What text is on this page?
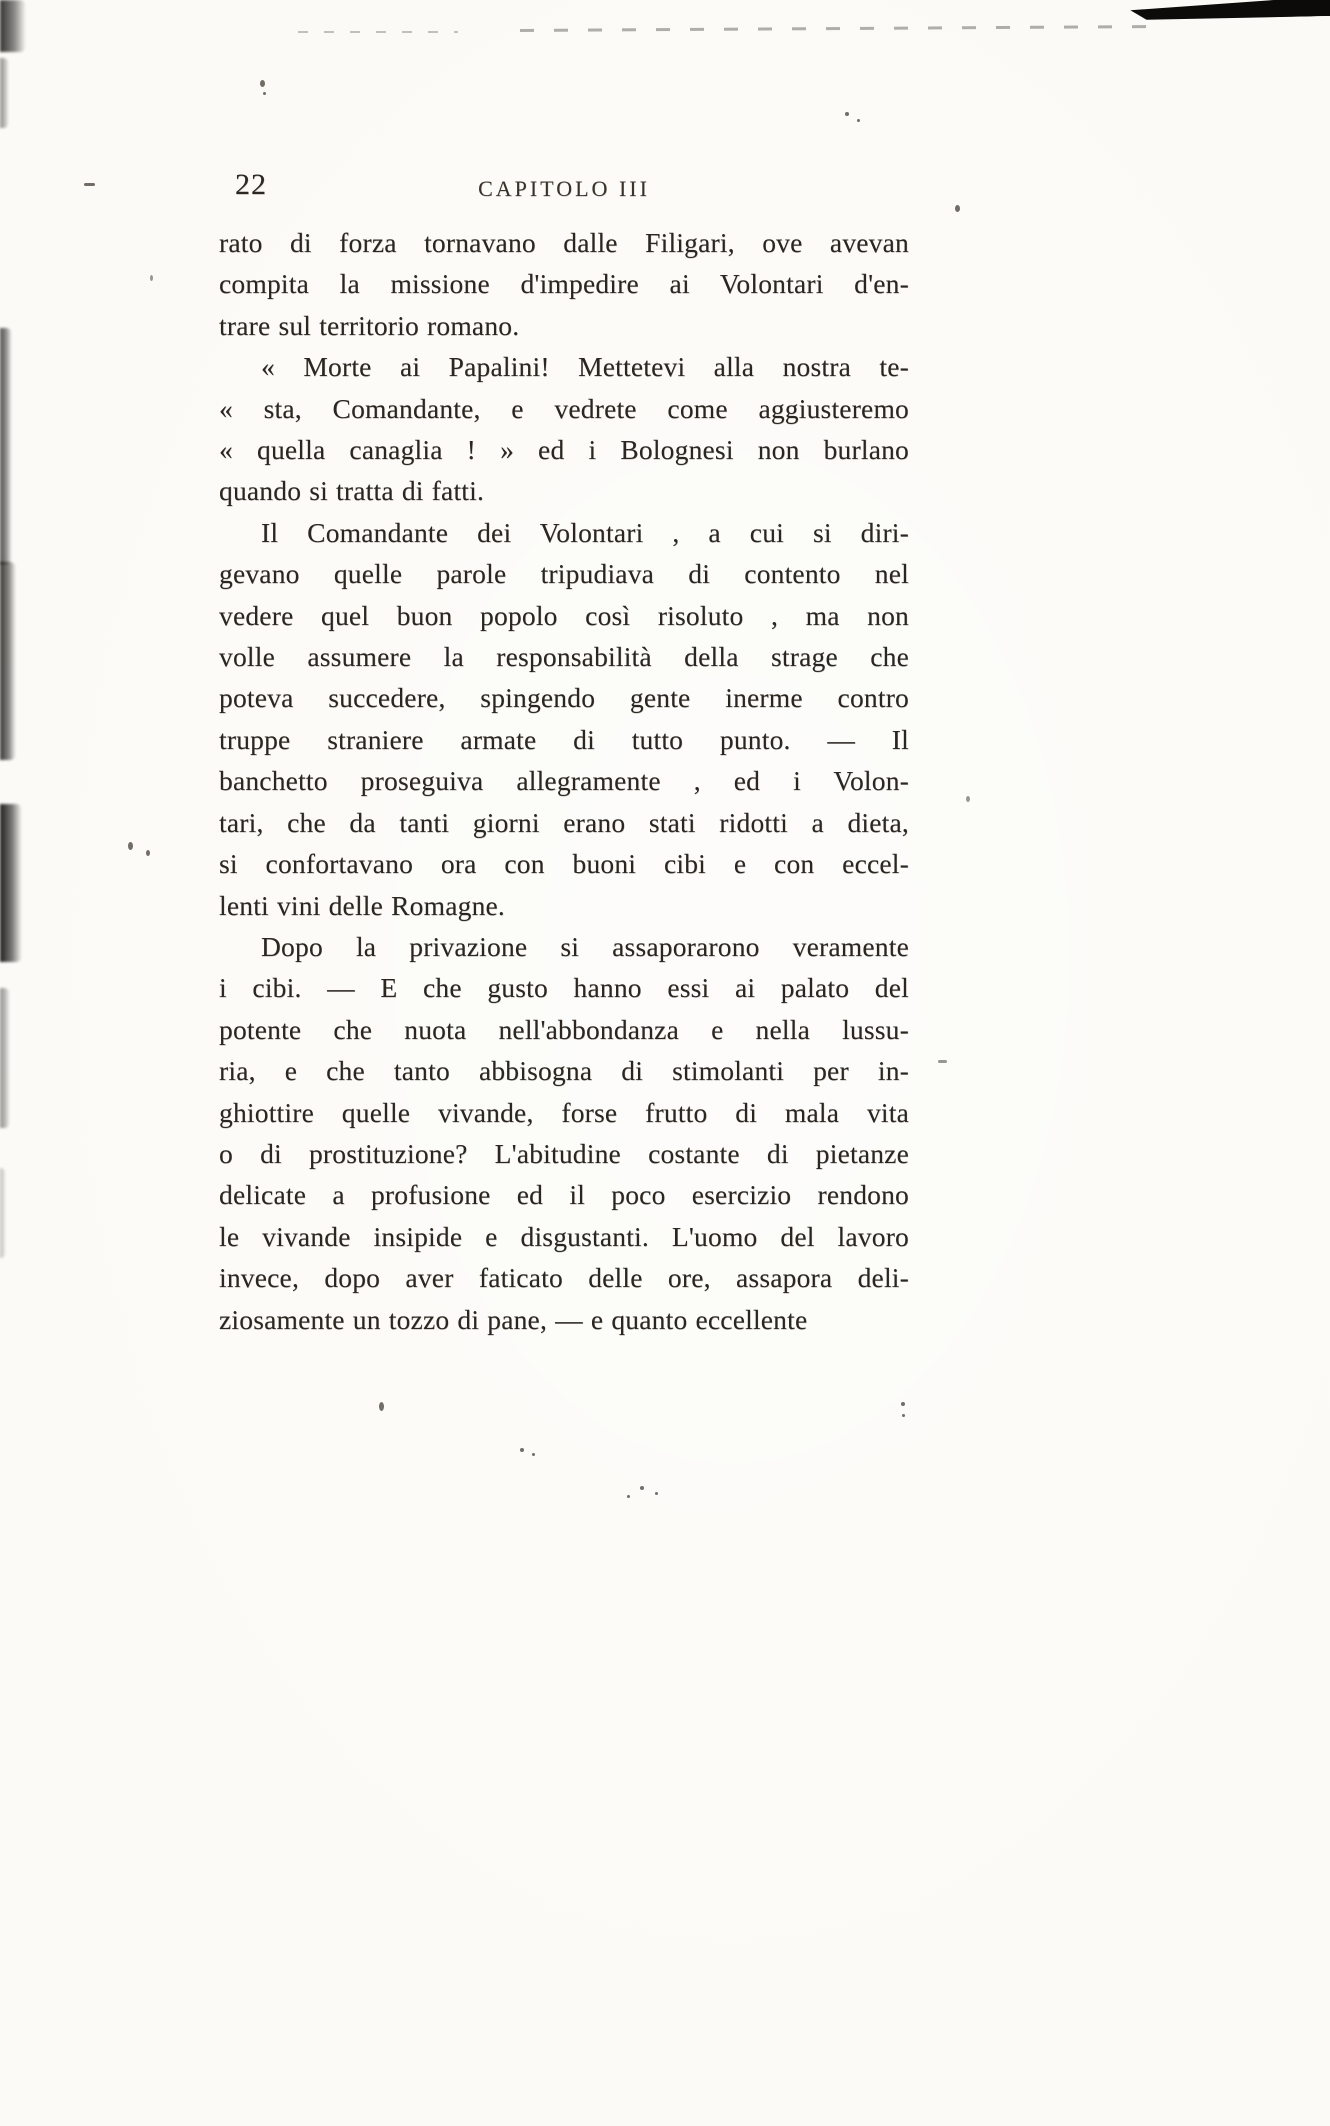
22	CAPITOLO III
rato di forza tornavano dalle Filigari, ove avevan
compita la missione d'impedire ai Volontari d'en-
trare sul territorio romano.
« Morte ai Papalini! Mettetevi alla nostra te-
« sta, Comandante, e vedrete come aggiusteremo
« quella canaglia ! » ed i Bolognesi non burlano
quando si tratta di fatti.
Il Comandante dei Volontari , a cui si diri-
gevano quelle parole tripudiava di contento nel
vedere quel buon popolo così risoluto , ma non
volle assumere la responsabilità della strage che
poteva succedere, spingendo gente inerme contro
truppe straniere armate di tutto punto. — Il
banchetto proseguiva allegramente , ed i Volon-
tari, che da tanti giorni erano stati ridotti a dieta,
si confortavano ora con buoni cibi e con eccel-
lenti vini delle Romagne.
Dopo la privazione si assaporarono veramente
i cibi. — E che gusto hanno essi ai palato del
potente che nuota nell'abbondanza e nella lussu-
ria, e che tanto abbisogna di stimolanti per in-
ghiottire quelle vivande, forse frutto di mala vita
o di prostituzione? L'abitudine costante di pietanze
delicate a profusione ed il poco esercizio rendono
le vivande insipide e disgustanti. L'uomo del lavoro
invece, dopo aver faticato delle ore, assapora deli-
ziosamente un tozzo di pane, — e quanto eccellente
